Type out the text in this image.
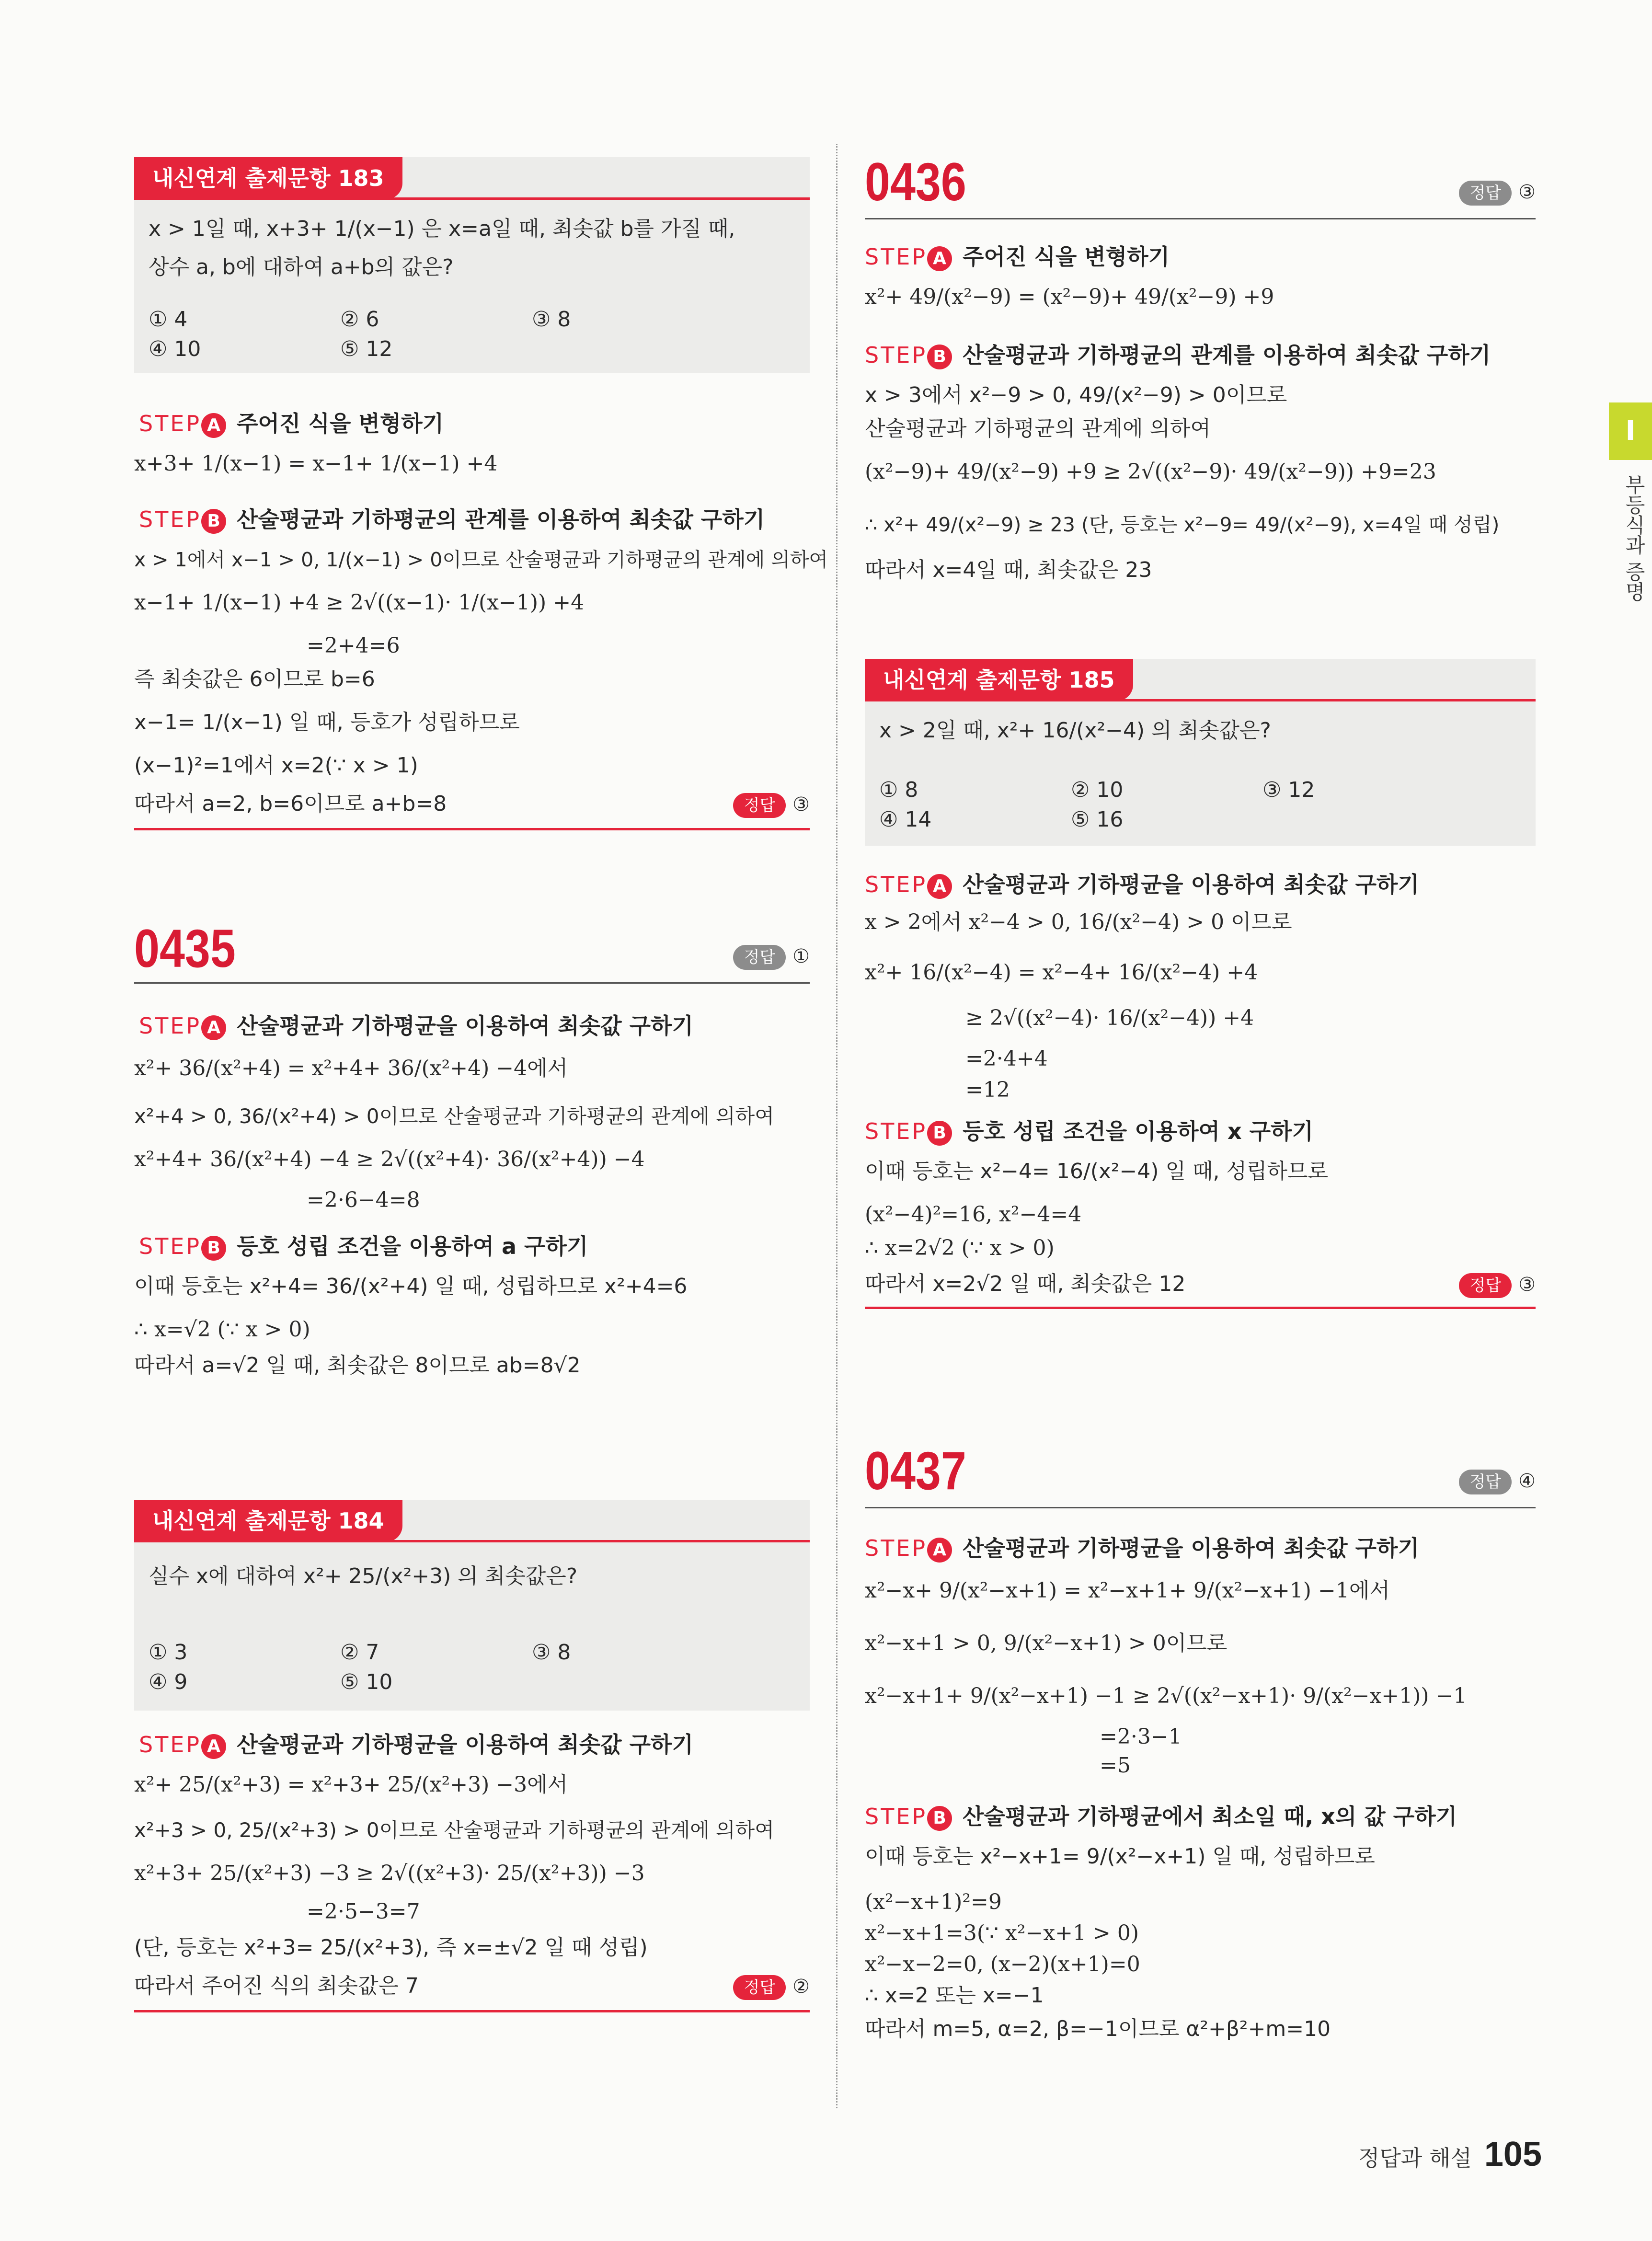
내신연계 출제문항 183
x > 1일 때, x+3+ 1/(x−1) 은 x=a일 때, 최솟값 b를 가질 때,
상수 a, b에 대하여 a+b의 값은?
① 4	② 6	③ 8
④ 10	⑤ 12
STEP A 주어진 식을 변형하기
x+3+ 1/(x−1) = x−1+ 1/(x−1) +4
STEP B 산술평균과 기하평균의 관계를 이용하여 최솟값 구하기
x > 1에서 x−1 > 0, 1/(x−1) > 0이므로 산술평균과 기하평균의 관계에 의하여
x−1+ 1/(x−1) +4 ≥ 2√((x−1)· 1/(x−1)) +4
=2+4=6
즉 최솟값은 6이므로 b=6
x−1= 1/(x−1) 일 때, 등호가 성립하므로
(x−1)²=1에서 x=2(∵ x > 1)
따라서 a=2, b=6이므로 a+b=8	정답 ③
0435	정답 ①
STEP A 산술평균과 기하평균을 이용하여 최솟값 구하기
x²+ 36/(x²+4) = x²+4+ 36/(x²+4) −4에서
x²+4 > 0, 36/(x²+4) > 0이므로 산술평균과 기하평균의 관계에 의하여
x²+4+ 36/(x²+4) −4 ≥ 2√((x²+4)· 36/(x²+4)) −4
=2·6−4=8
STEP B 등호 성립 조건을 이용하여 a 구하기
이때 등호는 x²+4= 36/(x²+4) 일 때, 성립하므로 x²+4=6
∴ x=√2 (∵ x > 0)
따라서 a=√2 일 때, 최솟값은 8이므로 ab=8√2
내신연계 출제문항 184
실수 x에 대하여 x²+ 25/(x²+3) 의 최솟값은?
① 3	② 7	③ 8
④ 9	⑤ 10
STEP A 산술평균과 기하평균을 이용하여 최솟값 구하기
x²+ 25/(x²+3) = x²+3+ 25/(x²+3) −3에서
x²+3 > 0, 25/(x²+3) > 0이므로 산술평균과 기하평균의 관계에 의하여
x²+3+ 25/(x²+3) −3 ≥ 2√((x²+3)· 25/(x²+3)) −3
=2·5−3=7
(단, 등호는 x²+3= 25/(x²+3), 즉 x=±√2 일 때 성립)
따라서 주어진 식의 최솟값은 7	정답 ②
0436	정답 ③
STEP A 주어진 식을 변형하기
x²+ 49/(x²−9) = (x²−9)+ 49/(x²−9) +9
STEP B 산술평균과 기하평균의 관계를 이용하여 최솟값 구하기
x > 3에서 x²−9 > 0, 49/(x²−9) > 0이므로
산술평균과 기하평균의 관계에 의하여
(x²−9)+ 49/(x²−9) +9 ≥ 2√((x²−9)· 49/(x²−9)) +9=23
∴ x²+ 49/(x²−9) ≥ 23 (단, 등호는 x²−9= 49/(x²−9), x=4일 때 성립)
따라서 x=4일 때, 최솟값은 23
내신연계 출제문항 185
x > 2일 때, x²+ 16/(x²−4) 의 최솟값은?
① 8	② 10	③ 12
④ 14	⑤ 16
STEP A 산술평균과 기하평균을 이용하여 최솟값 구하기
x > 2에서 x²−4 > 0, 16/(x²−4) > 0 이므로
x²+ 16/(x²−4) = x²−4+ 16/(x²−4) +4
≥ 2√((x²−4)· 16/(x²−4)) +4
=2·4+4
=12
STEP B 등호 성립 조건을 이용하여 x 구하기
이때 등호는 x²−4= 16/(x²−4) 일 때, 성립하므로
(x²−4)²=16, x²−4=4
∴ x=2√2 (∵ x > 0)
따라서 x=2√2 일 때, 최솟값은 12	정답 ③
0437	정답 ④
STEP A 산술평균과 기하평균을 이용하여 최솟값 구하기
x²−x+ 9/(x²−x+1) = x²−x+1+ 9/(x²−x+1) −1에서
x²−x+1 > 0, 9/(x²−x+1) > 0이므로
x²−x+1+ 9/(x²−x+1) −1 ≥ 2√((x²−x+1)· 9/(x²−x+1)) −1
=2·3−1
=5
STEP B 산술평균과 기하평균에서 최소일 때, x의 값 구하기
이때 등호는 x²−x+1= 9/(x²−x+1) 일 때, 성립하므로
(x²−x+1)²=9
x²−x+1=3(∵ x²−x+1 > 0)
x²−x−2=0, (x−2)(x+1)=0
∴ x=2 또는 x=−1
따라서 m=5, α=2, β=−1이므로 α²+β²+m=10
I
부등식과 증명
정답과 해설 105
